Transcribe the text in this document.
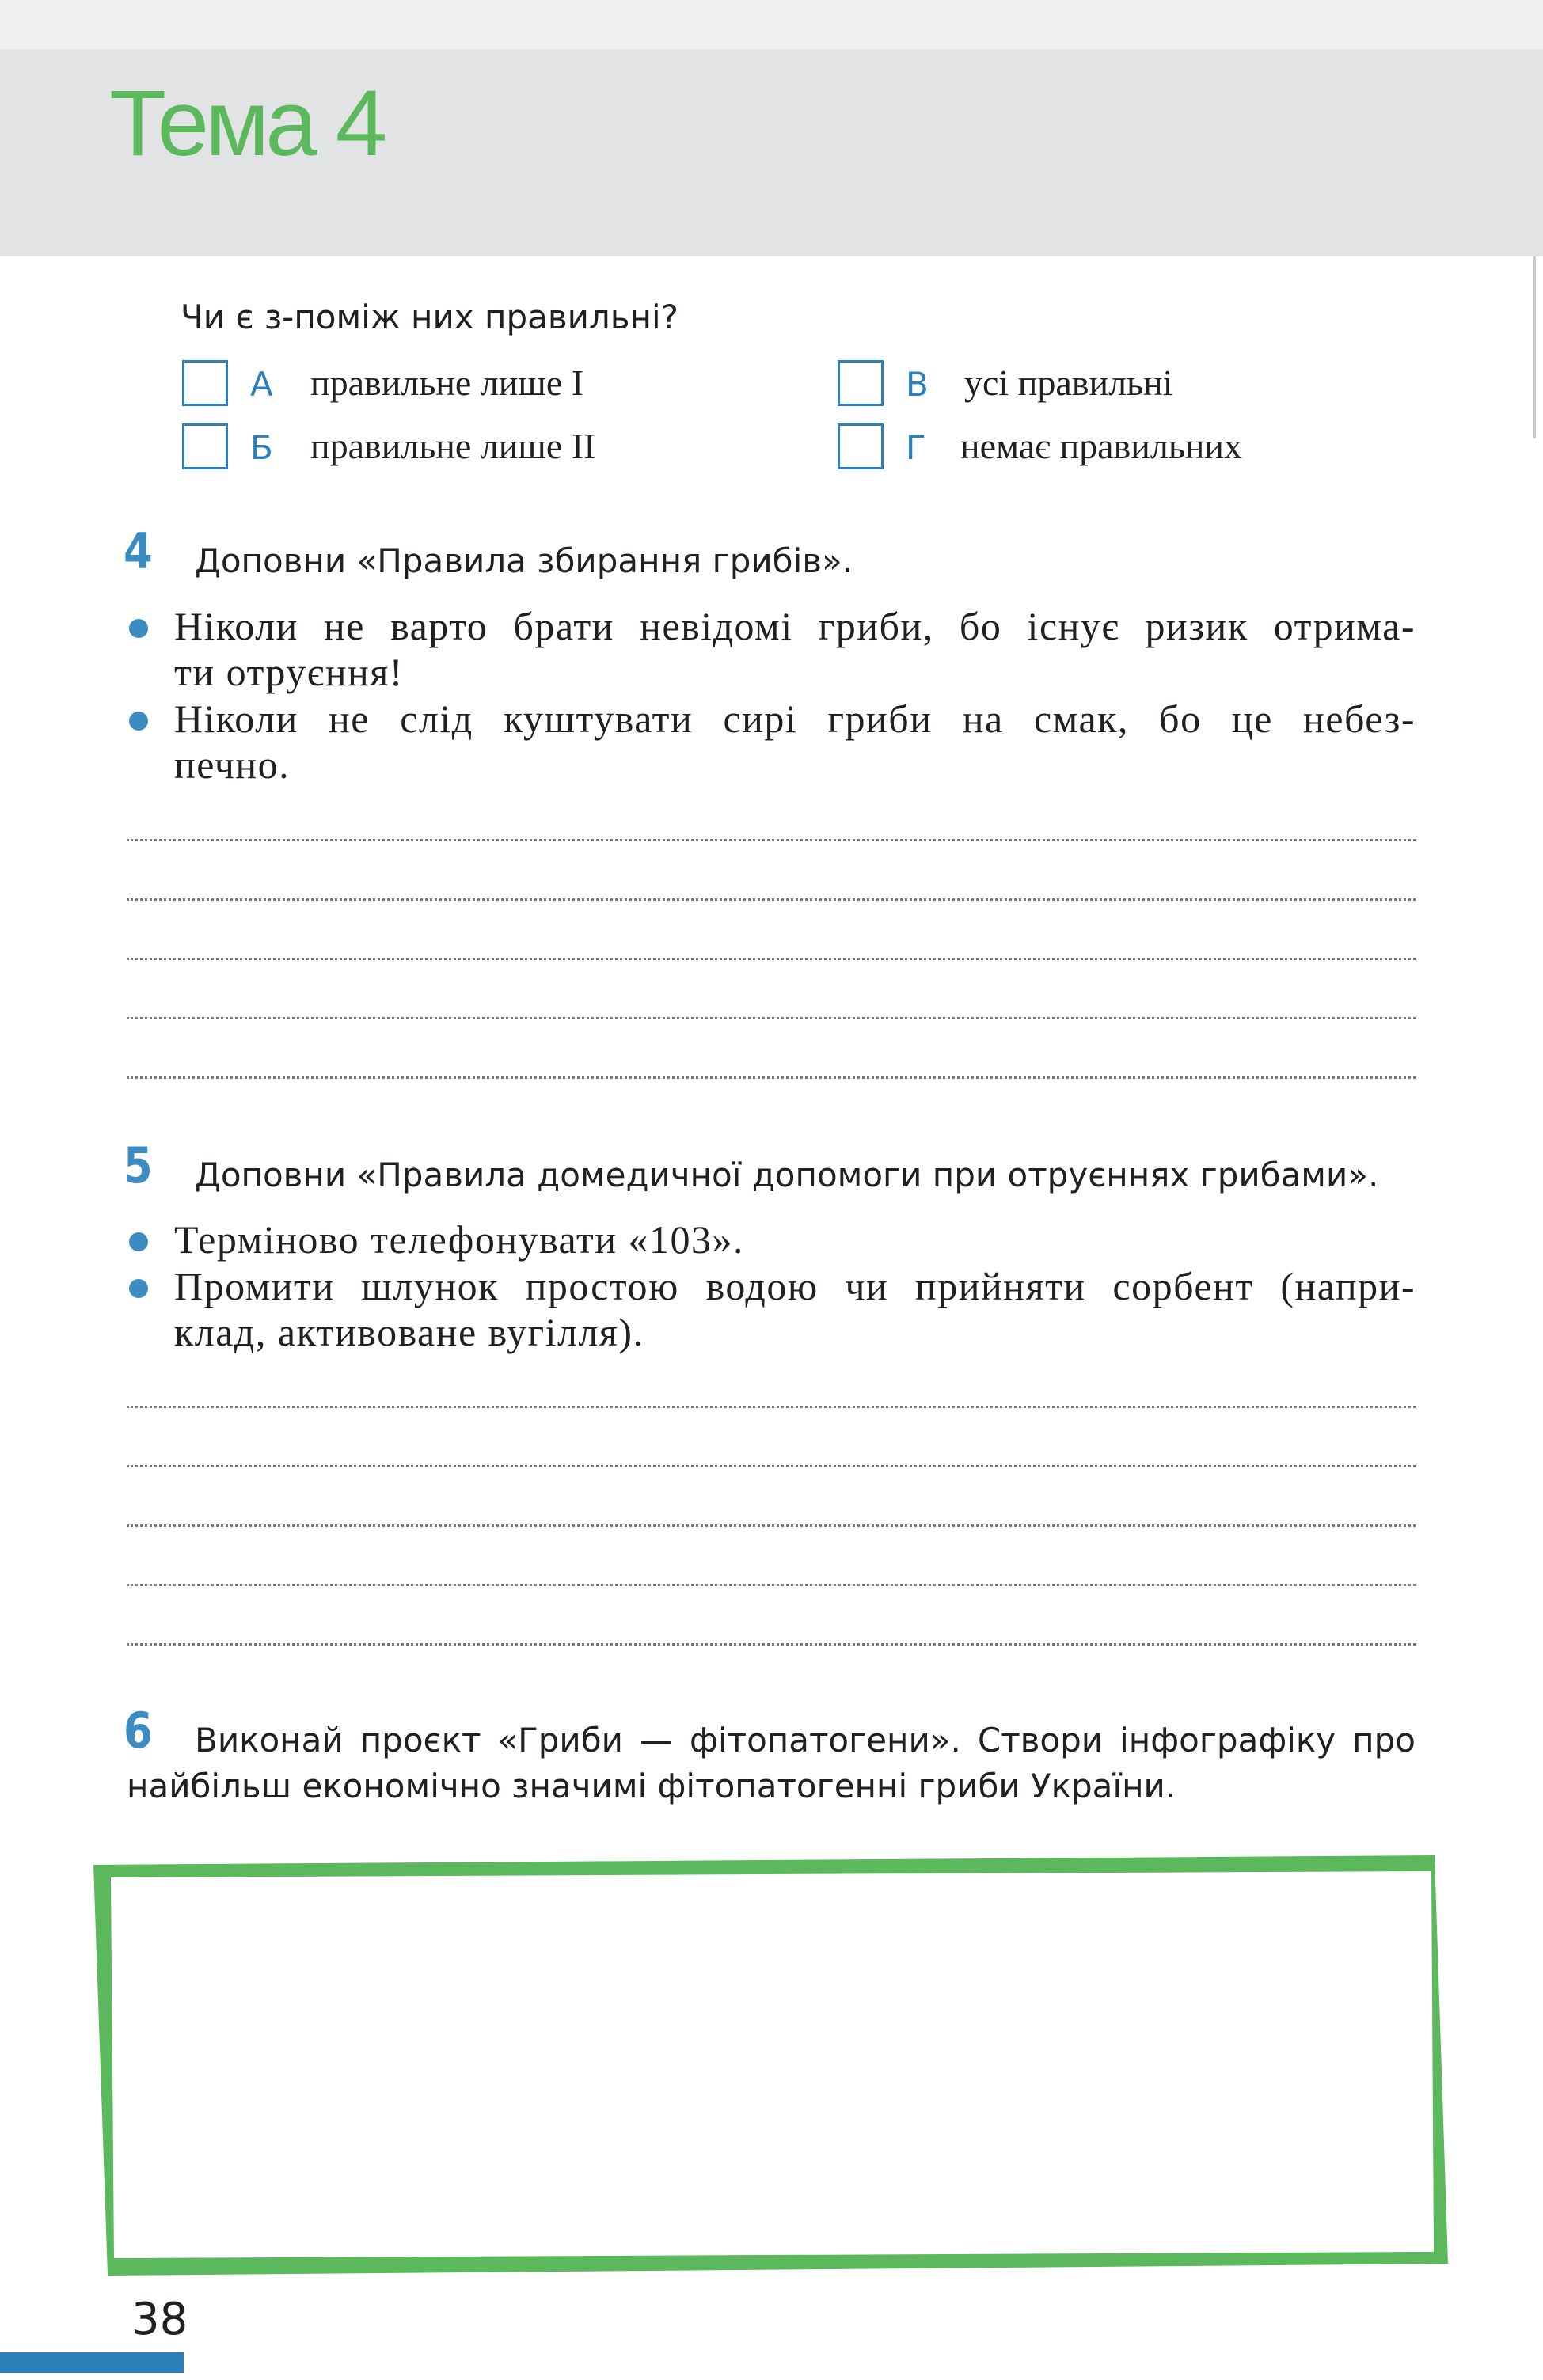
Тема 4
Чи є з-поміж них правильні?
А правильне лише I
Б правильне лише II
В усі правильні
Г немає правильних
4 Доповни «Правила збирання грибів».
Ніколи не варто брати невідомі гриби, бо існує ризик отрима-
ти отруєння!
Ніколи не слід куштувати сирі гриби на смак, бо це небез-
печно.
5 Доповни «Правила домедичної допомоги при отруєннях грибами».
Терміново телефонувати «103».
Промити шлунок простою водою чи прийняти сорбент (напри-
клад, активоване вугілля).
6 Виконай проєкт «Гриби — фітопатогени». Створи інфографіку про
найбільш економічно значимі фітопатогенні гриби України.
38
